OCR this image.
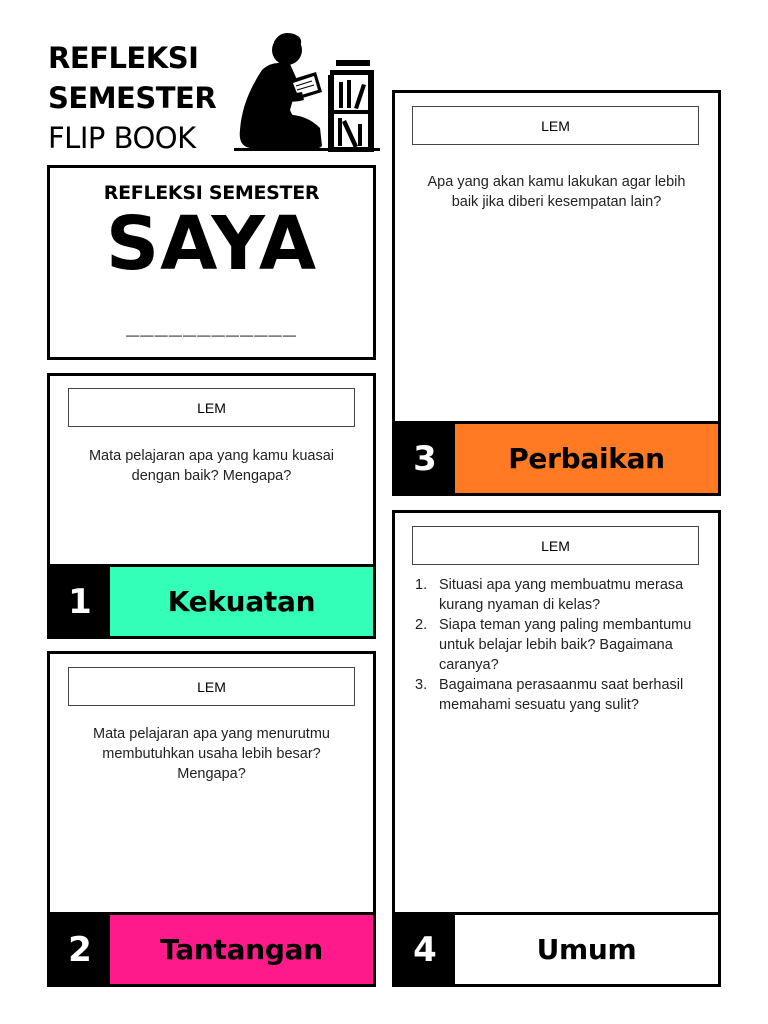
REFLEKSI
SEMESTER
FLIP BOOK
REFLEKSI SEMESTER
SAYA
____________
LEM
Mata pelajaran apa yang kamu kuasai dengan baik? Mengapa?
1	Kekuatan
LEM
Mata pelajaran apa yang menurutmu membutuhkan usaha lebih besar? Mengapa?
2	Tantangan
LEM
Apa yang akan kamu lakukan agar lebih baik jika diberi kesempatan lain?
3	Perbaikan
LEM
1. Situasi apa yang membuatmu merasa kurang nyaman di kelas?
2. Siapa teman yang paling membantumu untuk belajar lebih baik? Bagaimana caranya?
3. Bagaimana perasaanmu saat berhasil memahami sesuatu yang sulit?
4	Umum
